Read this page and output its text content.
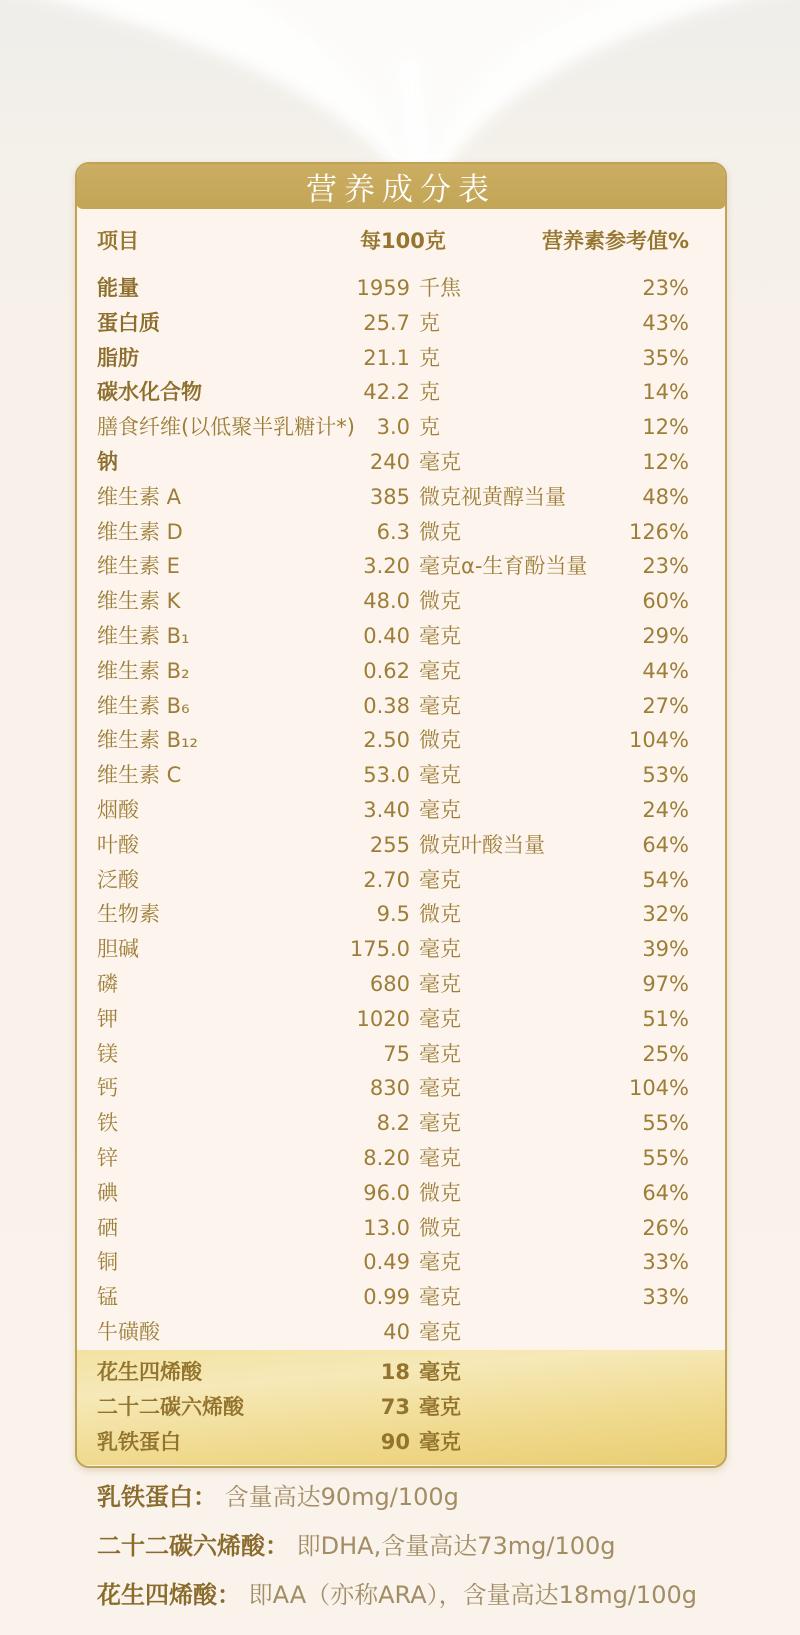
营养成分表
项目	每100克	营养素参考值%
能量	1959 千焦	23%
蛋白质	25.7 克	43%
脂肪	21.1 克	35%
碳水化合物	42.2 克	14%
膳食纤维(以低聚半乳糖计*)	3.0 克	12%
钠	240 毫克	12%
维生素 A	385 微克视黄醇当量	48%
维生素 D	6.3 微克	126%
维生素 E	3.20 毫克α-生育酚当量	23%
维生素 K	48.0 微克	60%
维生素 B₁	0.40 毫克	29%
维生素 B₂	0.62 毫克	44%
维生素 B₆	0.38 毫克	27%
维生素 B₁₂	2.50 微克	104%
维生素 C	53.0 毫克	53%
烟酸	3.40 毫克	24%
叶酸	255 微克叶酸当量	64%
泛酸	2.70 毫克	54%
生物素	9.5 微克	32%
胆碱	175.0 毫克	39%
磷	680 毫克	97%
钾	1020 毫克	51%
镁	75 毫克	25%
钙	830 毫克	104%
铁	8.2 毫克	55%
锌	8.20 毫克	55%
碘	96.0 微克	64%
硒	13.0 微克	26%
铜	0.49 毫克	33%
锰	0.99 毫克	33%
牛磺酸	40 毫克
花生四烯酸	18 毫克
二十二碳六烯酸	73 毫克
乳铁蛋白	90 毫克
乳铁蛋白： 含量高达90mg/100g
二十二碳六烯酸： 即DHA,含量高达73mg/100g
花生四烯酸： 即AA（亦称ARA），含量高达18mg/100g
